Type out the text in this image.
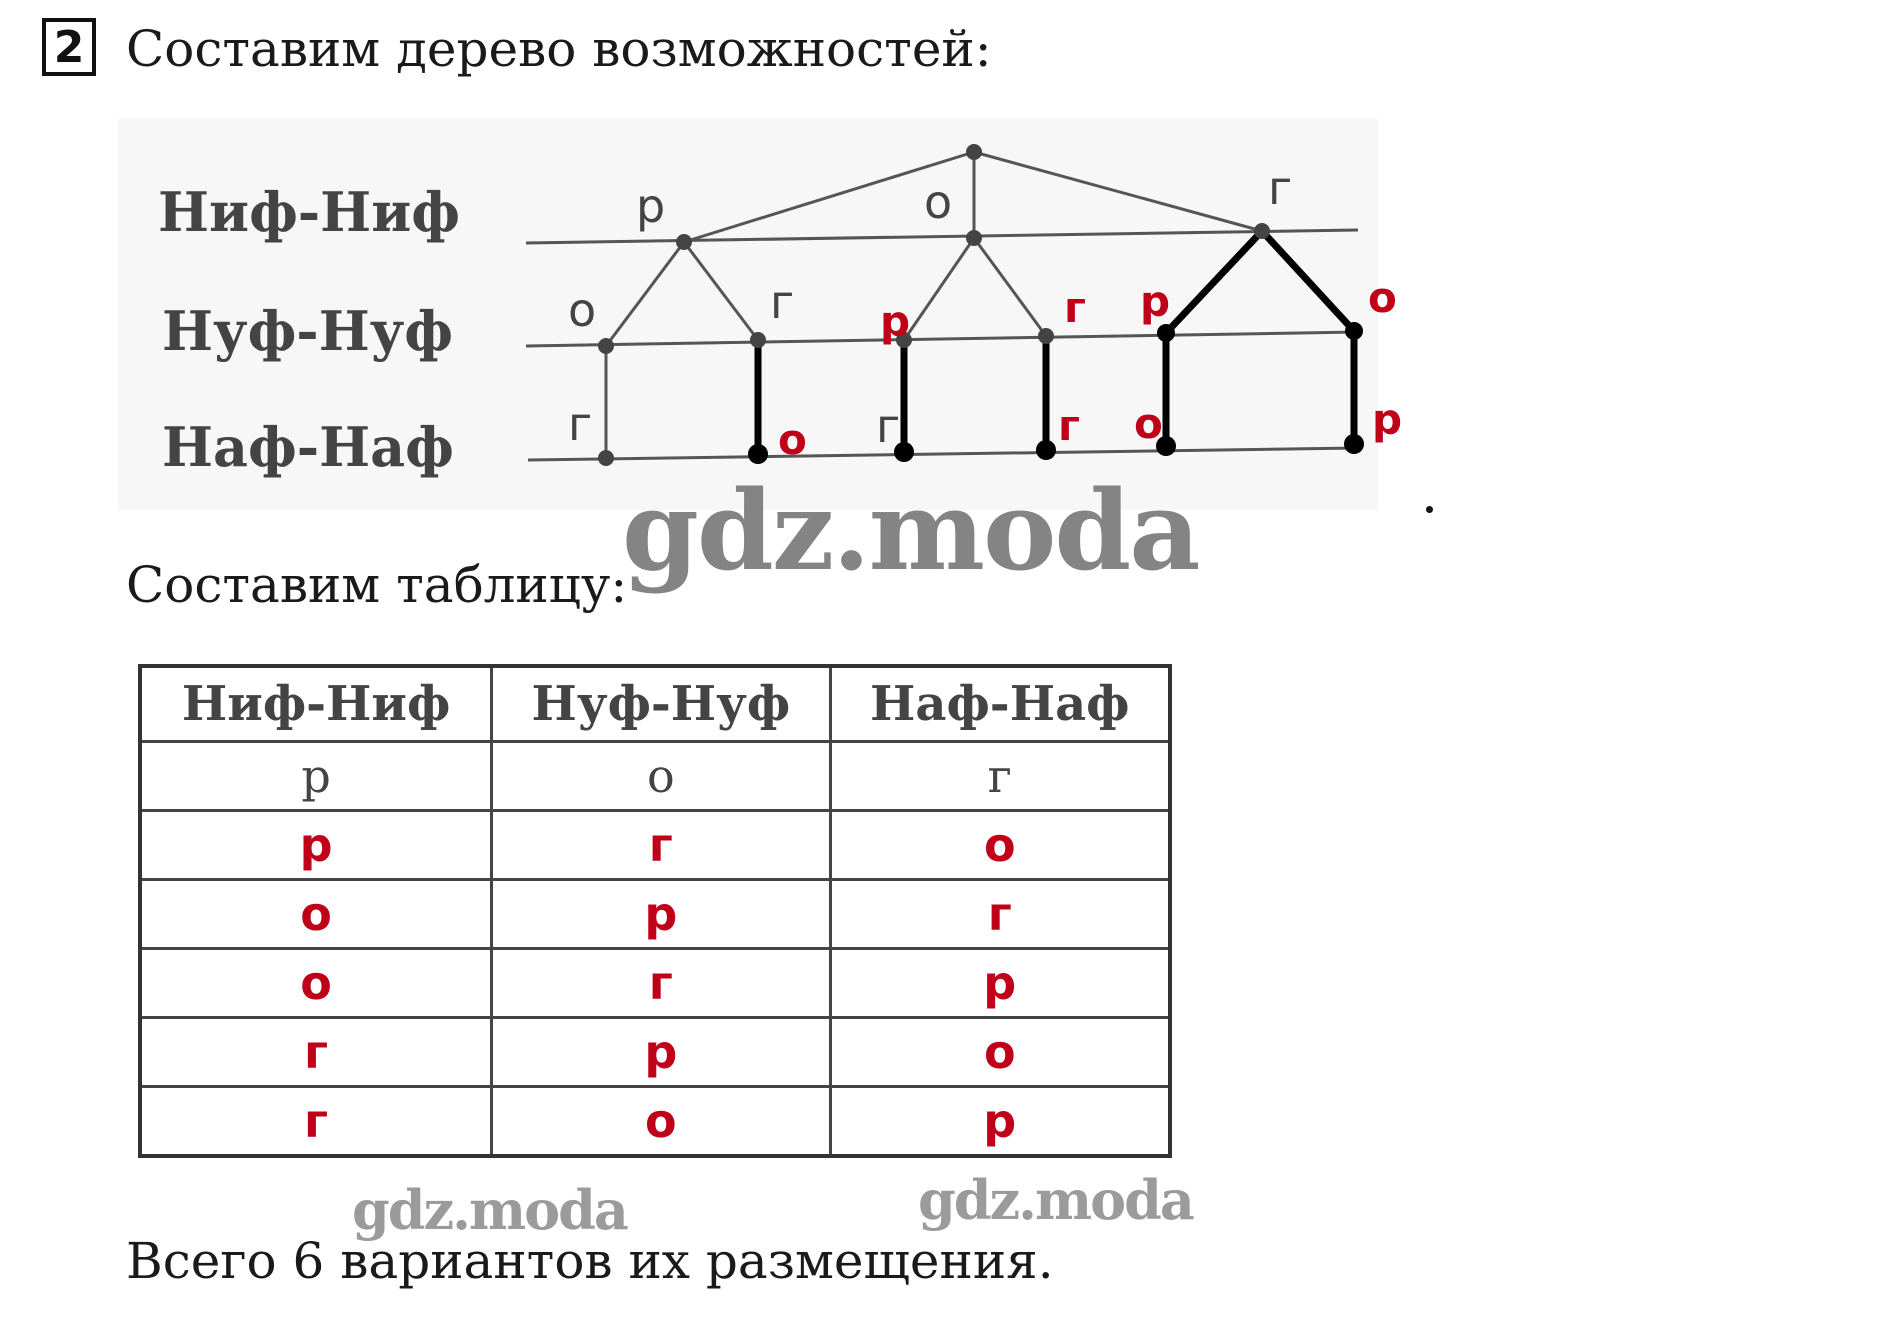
2 Составим дерево возможностей:
Ниф-Ниф
Нуф-Нуф
Наф-Наф
р	о	г
о	г
г	г
р	г р	о
о	г о	р
Составим таблицу:
Ниф-Ниф	Нуф-Нуф	Наф-Наф
р	о	г
р	г	о
о	р	г
о	г	р
г	р	о
г	о	р
gdz.moda
gdz.moda	gdz.moda
Всего 6 вариантов их размещения.
